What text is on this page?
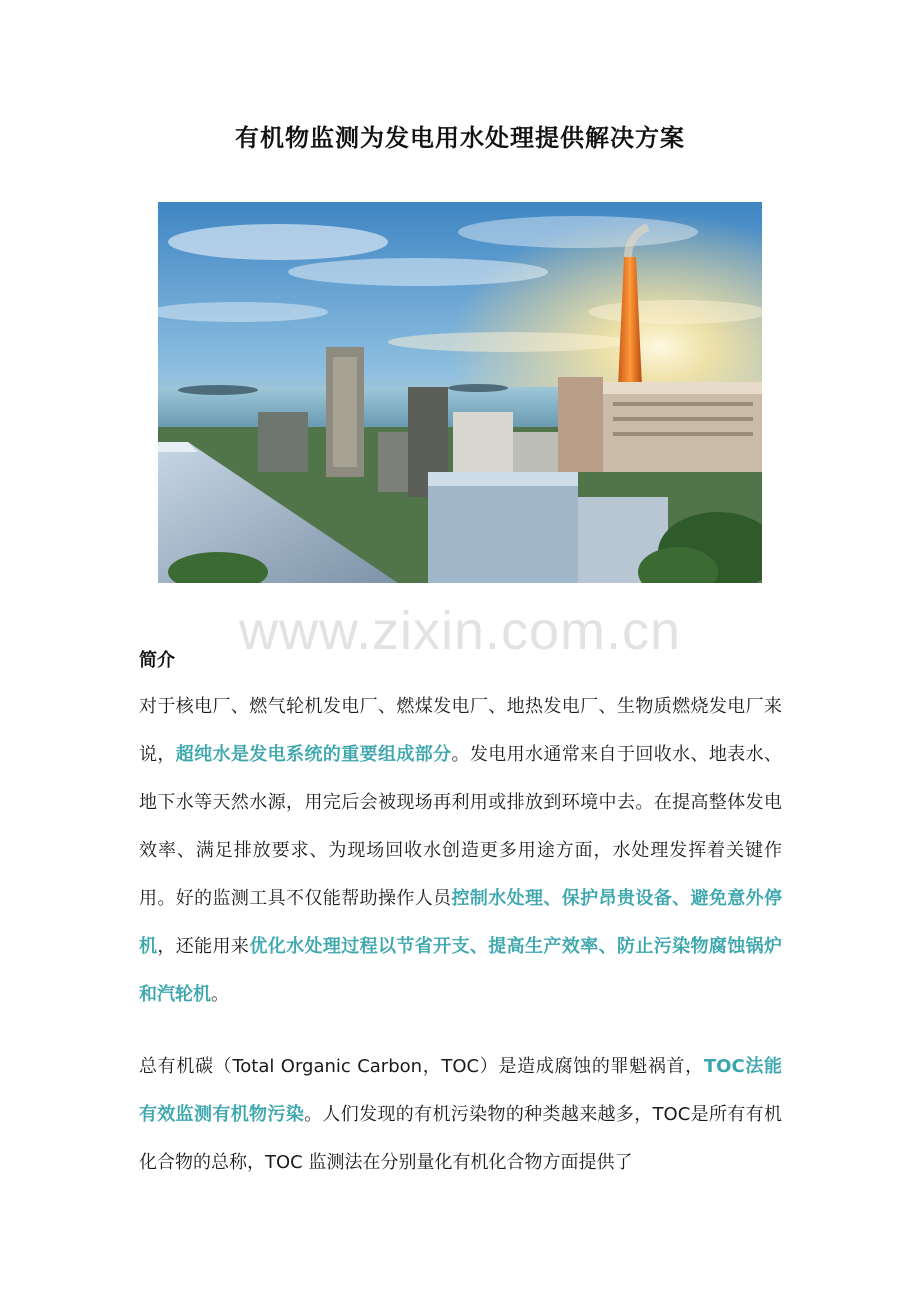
有机物监测为发电用水处理提供解决方案
www.zixin.com.cn
简介
对于核电厂、燃气轮机发电厂、燃煤发电厂、地热发电厂、生物质燃烧发电厂来说，超纯水是发电系统的重要组成部分。发电用水通常来自于回收水、地表水、地下水等天然水源，用完后会被现场再利用或排放到环境中去。在提高整体发电效率、满足排放要求、为现场回收水创造更多用途方面，水处理发挥着关键作用。好的监测工具不仅能帮助操作人员控制水处理、保护昂贵设备、避免意外停机，还能用来优化水处理过程以节省开支、提高生产效率、防止污染物腐蚀锅炉和汽轮机。
总有机碳（Total Organic Carbon，TOC）是造成腐蚀的罪魁祸首，TOC法能有效监测有机物污染。人们发现的有机污染物的种类越来越多，TOC是所有有机化合物的总称，TOC 监测法在分别量化有机化合物方面提供了
